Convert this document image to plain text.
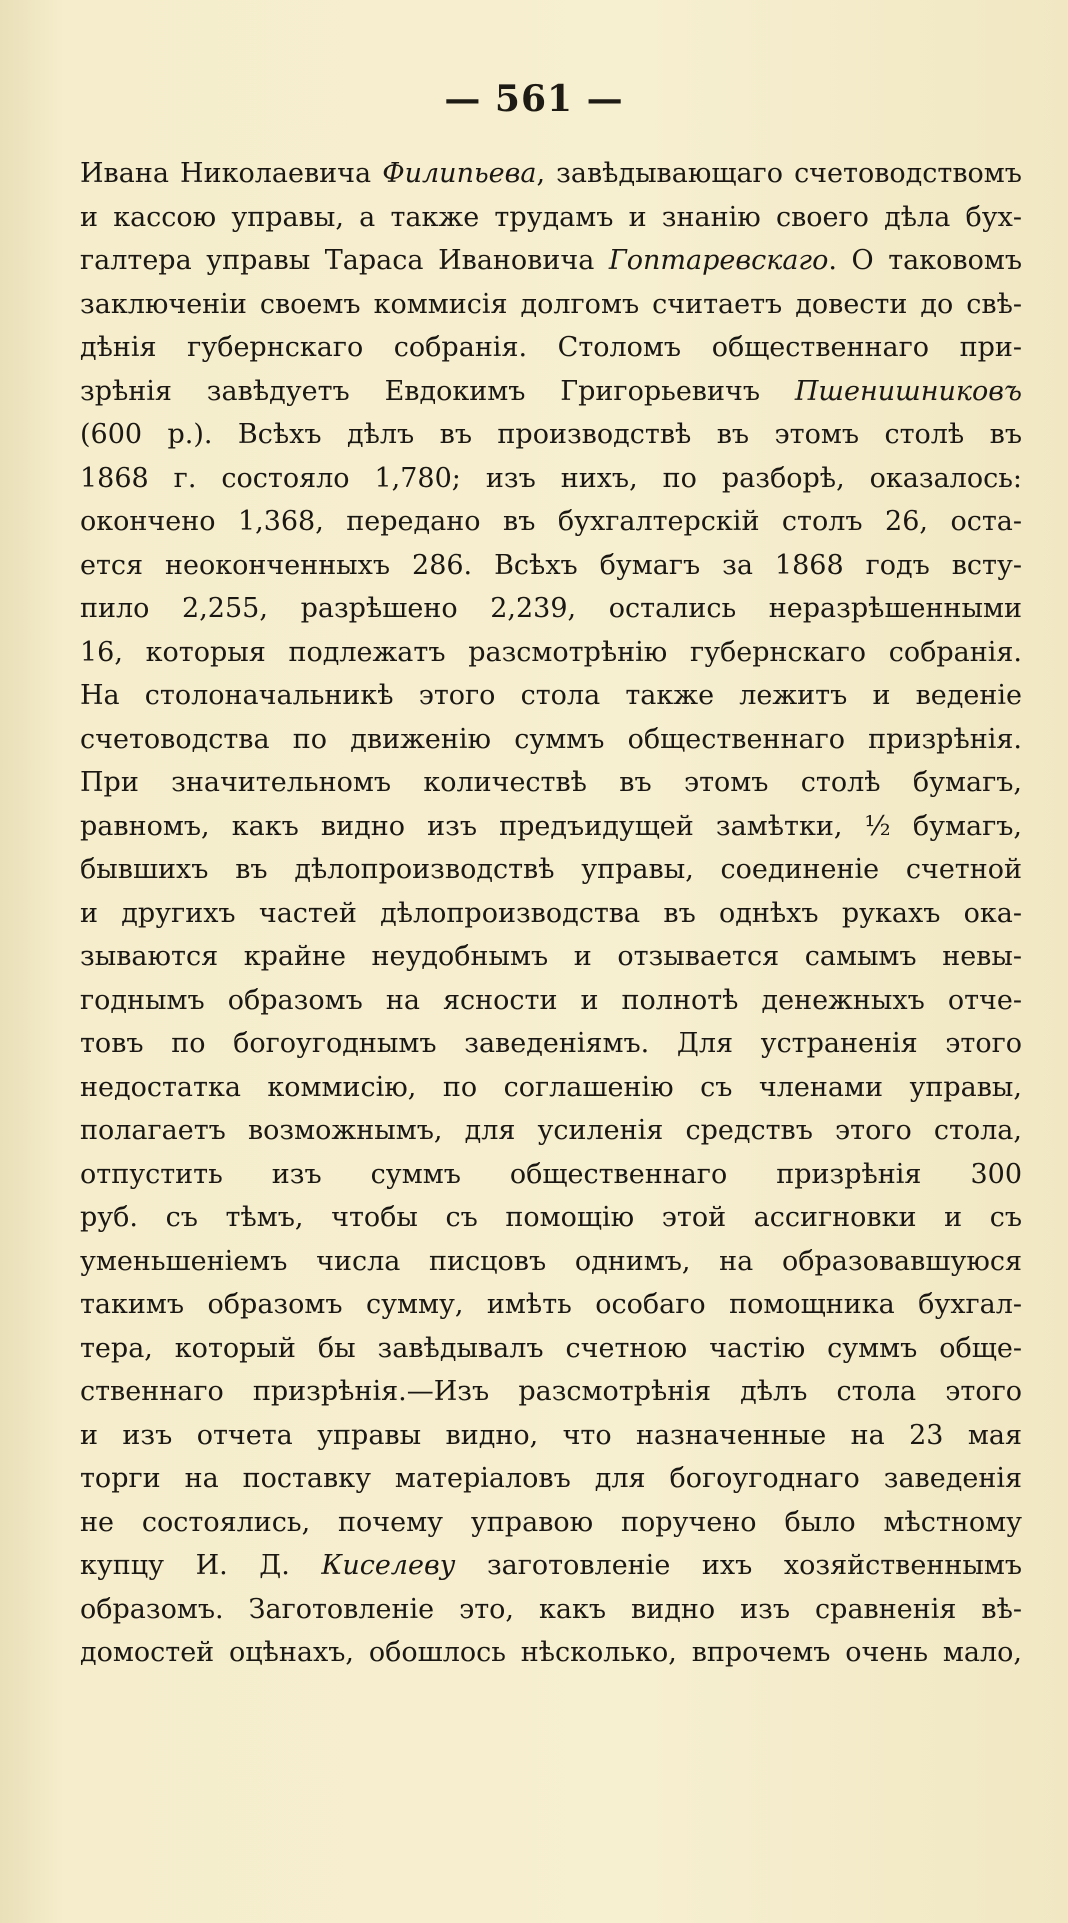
— 561 —
Ивана Николаевича Филипьева, завѣдывающаго счетоводствомъ
и кассою управы, а также трудамъ и знанію своего дѣла бух-
галтера управы Тараса Ивановича Гоптаревскаго. О таковомъ
заключеніи своемъ коммисія долгомъ считаетъ довести до свѣ-
дѣнія губернскаго собранія. Столомъ общественнаго при-
зрѣнія завѣдуетъ Евдокимъ Григорьевичъ Пшенишниковъ
(600 р.). Всѣхъ дѣлъ въ производствѣ въ этомъ столѣ въ
1868 г. состояло 1,780; изъ нихъ, по разборѣ, оказалось:
окончено 1,368, передано въ бухгалтерскій столъ 26, оста-
ется неоконченныхъ 286. Всѣхъ бумагъ за 1868 годъ всту-
пило 2,255, разрѣшено 2,239, остались неразрѣшенными
16, которыя подлежатъ разсмотрѣнію губернскаго собранія.
На столоначальникѣ этого стола также лежитъ и веденіе
счетоводства по движенію суммъ общественнаго призрѣнія.
При значительномъ количествѣ въ этомъ столѣ бумагъ,
равномъ, какъ видно изъ предъидущей замѣтки, ½ бумагъ,
бывшихъ въ дѣлопроизводствѣ управы, соединеніе счетной
и другихъ частей дѣлопроизводства въ однѣхъ рукахъ ока-
зываются крайне неудобнымъ и отзывается самымъ невы-
годнымъ образомъ на ясности и полнотѣ денежныхъ отче-
товъ по богоугоднымъ заведеніямъ. Для устраненія этого
недостатка коммисію, по соглашенію съ членами управы,
полагаетъ возможнымъ, для усиленія средствъ этого стола,
отпустить изъ суммъ общественнаго призрѣнія 300
руб. съ тѣмъ, чтобы съ помощію этой ассигновки и съ
уменьшеніемъ числа писцовъ однимъ, на образовавшуюся
такимъ образомъ сумму, имѣть особаго помощника бухгал-
тера, который бы завѣдывалъ счетною частію суммъ обще-
ственнаго призрѣнія.—Изъ разсмотрѣнія дѣлъ стола этого
и изъ отчета управы видно, что назначенные на 23 мая
торги на поставку матеріаловъ для богоугоднаго заведенія
не состоялись, почему управою поручено было мѣстному
купцу И. Д. Киселеву заготовленіе ихъ хозяйственнымъ
образомъ. Заготовленіе это, какъ видно изъ сравненія вѣ-
домостей оцѣнахъ, обошлось нѣсколько, впрочемъ очень мало,
